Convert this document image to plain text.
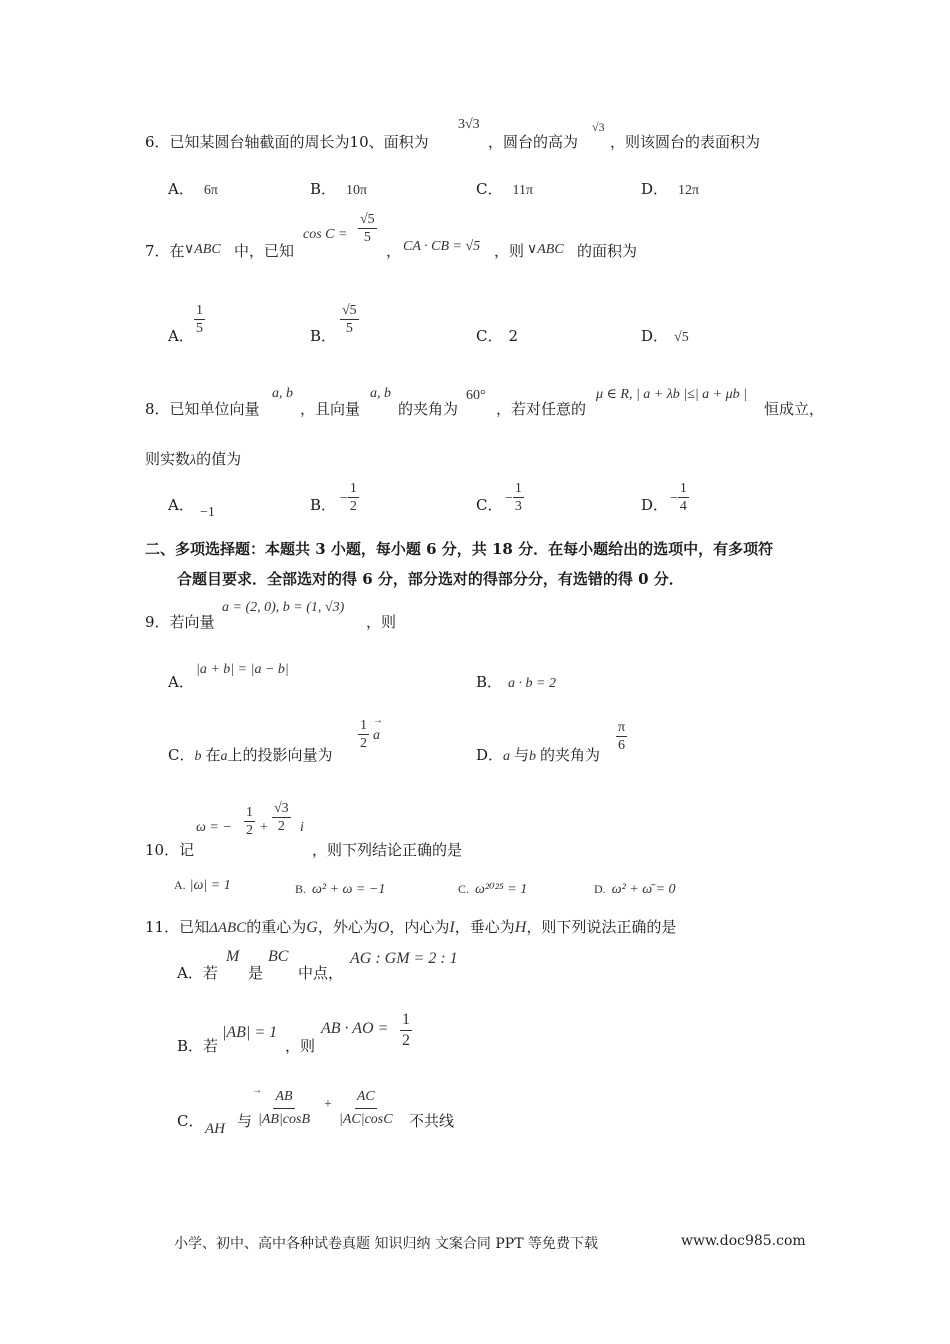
6．已知某圆台轴截面的周长为10、面积为
3√3
，圆台的高为
√3
，则该圆台的表面积为
A． 6π	B． 10π	C． 11π	D． 12π
7．在 ∨ABC 中，已知
$\cos C = \frac{√5}{5}$
， CA · CB = √5 ，则 ∨ABC 的面积为
A． $\frac{1}{5}$	B． $\frac{√5}{5}$	C． 2	D． √5
8．已知单位向量
a, b
，且向量
a, b
的夹角为
60°
，若对任意的
μ ∈ R, | a + λb |≤| a + μb |
恒成立，
则实数λ的值为
A． −1	B． − $\frac{1}{2}$	C． − $\frac{1}{3}$	D． − $\frac{1}{4}$
二、多项选择题：本题共 3 小题，每小题 6 分，共 18 分．在每小题给出的选项中，有多项符
合题目要求．全部选对的得 6 分，部分选对的得部分分，有选错的得 0 分．
9．若向量
a = (2, 0), b = (1, √3)
，则
A．
|a + b| = |a − b|
B． a · b = 2
C．b 在a上的投影向量为
$\frac{1}{2}$ →
a
D．a 与b 的夹角为
$\frac{\pi}{6}$
ω = − $\frac{1}{2} + \frac{√3}{2}$ i
10．记	，则下列结论正确的是
A. |ω| = 1	B. ω² + ω = −1	C. ω²⁰²⁵ = 1	D. ω² + ω̄ = 0
11．已知ΔABC的重心为G，外心为O，内心为I，垂心为H，则下列说法正确的是
A．若
M
是
BC
中点，
AG : GM = 2 : 1
B．若
|AB| = 1
，则
AB · AO = $\frac{1}{2}$
C． AH 与
→
$\frac{AB}{|AB|\cos B} + \frac{AC}{|AC|\cos C}$ 不共线
小学、初中、高中各种试卷真题 知识归纳 文案合同 PPT 等免费下载	www.doc985.com
